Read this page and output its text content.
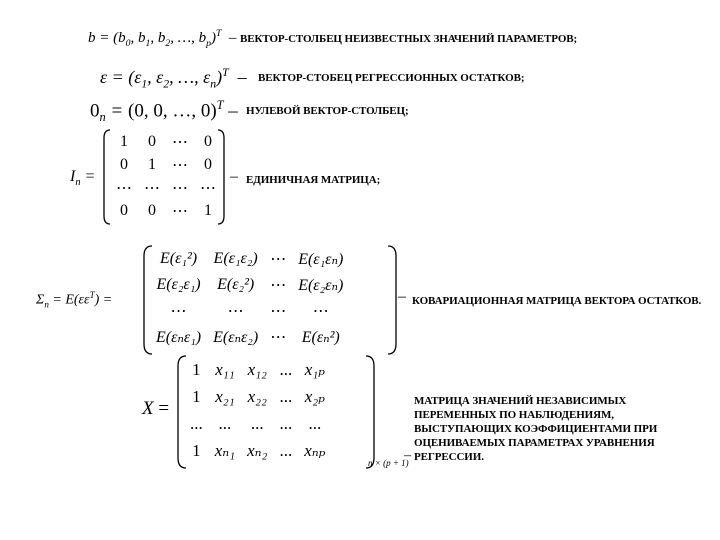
$b = (b_0$, $b_1$, $b_2$, …, $b_p)^T$ – ВЕКТОР-СТОЛБЕЦ НЕИЗВЕСТНЫХ ЗНАЧЕНИЙ ПАРАМЕТРОВ;
$\varepsilon = (\varepsilon_1$, $\varepsilon_2$, …, $\varepsilon_n)^T$ – ВЕКТОР-СТОБЕЦ РЕГРЕССИОННЫХ ОСТАТКОВ;
$0_n = (0$, 0, …, 0)$^T$ – НУЛЕВОЙ ВЕКТОР-СТОЛБЕЦ;
$I_n$ =
1	0	⋯	0
0	1	⋯	0
⋯	⋯	⋯	⋯
0	0	⋯	1
– ЕДИНИЧНАЯ МАТРИЦА;
$\Sigma_n = E(\varepsilon\varepsilon^T)$ =
E(ε₁²)	E(ε₁ε₂)	⋯	E(ε₁εₙ)
E(ε₂ε₁)	E(ε₂²)	⋯	E(ε₂εₙ)
⋯	⋯	⋯	⋯
E(εₙε₁)	E(εₙε₂)	⋯	E(εₙ²)
– КОВАРИАЦИОННАЯ МАТРИЦА ВЕКТОРА ОСТАТКОВ.
X =
1	x₁₁	x₁₂	...	x₁ₚ
1	x₂₁	x₂₂	...	x₂ₚ
...	...	...	...	...
1	xₙ₁	xₙ₂	...	xₙₚ
n × (p + 1)
–
МАТРИЦА ЗНАЧЕНИЙ НЕЗАВИСИМЫХ ПЕРЕМЕННЫХ ПО НАБЛЮДЕНИЯМ, ВЫСТУПАЮЩИХ КОЭФФИЦИЕНТАМИ ПРИ ОЦЕНИВАЕМЫХ ПАРАМЕТРАХ УРАВНЕНИЯ РЕГРЕССИИ.
